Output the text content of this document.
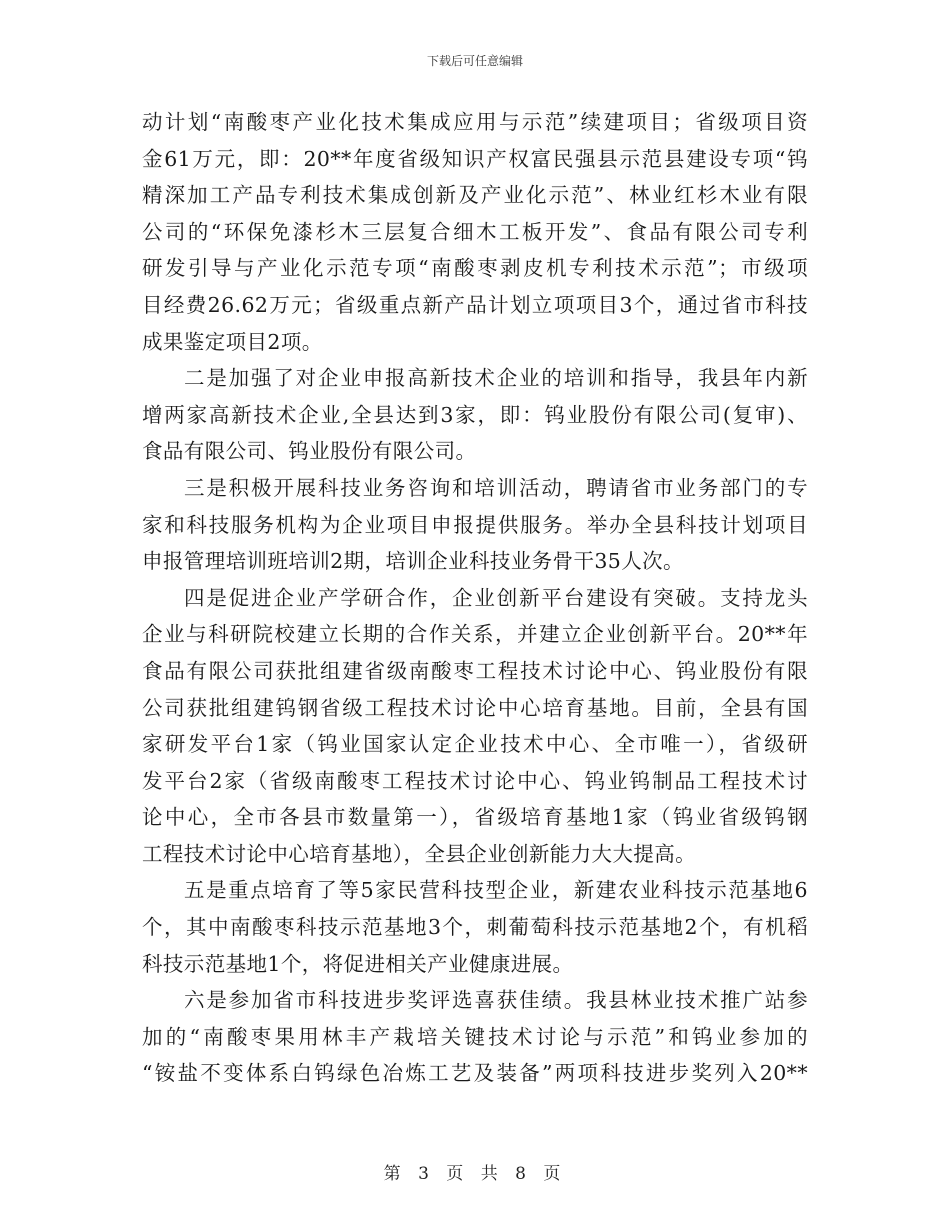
下载后可任意编辑

动计划“南酸枣产业化技术集成应用与示范”续建项目；省级项目资
金61万元，即：20**年度省级知识产权富民强县示范县建设专项“钨
精深加工产品专利技术集成创新及产业化示范”、林业红杉木业有限
公司的“环保免漆杉木三层复合细木工板开发”、食品有限公司专利
研发引导与产业化示范专项“南酸枣剥皮机专利技术示范”；市级项
目经费26.62万元；省级重点新产品计划立项项目3个，通过省市科技
成果鉴定项目2项。

二是加强了对企业申报高新技术企业的培训和指导，我县年内新
增两家高新技术企业,全县达到3家，即：钨业股份有限公司(复审)、
食品有限公司、钨业股份有限公司。

三是积极开展科技业务咨询和培训活动，聘请省市业务部门的专
家和科技服务机构为企业项目申报提供服务。举办全县科技计划项目
申报管理培训班培训2期，培训企业科技业务骨干35人次。

四是促进企业产学研合作，企业创新平台建设有突破。支持龙头
企业与科研院校建立长期的合作关系，并建立企业创新平台。20**年
食品有限公司获批组建省级南酸枣工程技术讨论中心、钨业股份有限
公司获批组建钨钢省级工程技术讨论中心培育基地。目前，全县有国
家研发平台1家（钨业国家认定企业技术中心、全市唯一），省级研
发平台2家（省级南酸枣工程技术讨论中心、钨业钨制品工程技术讨
论中心，全市各县市数量第一），省级培育基地1家（钨业省级钨钢
工程技术讨论中心培育基地），全县企业创新能力大大提高。

五是重点培育了等5家民营科技型企业，新建农业科技示范基地6
个，其中南酸枣科技示范基地3个，刺葡萄科技示范基地2个，有机稻
科技示范基地1个，将促进相关产业健康进展。

六是参加省市科技进步奖评选喜获佳绩。我县林业技术推广站参
加的“南酸枣果用林丰产栽培关键技术讨论与示范”和钨业参加的
“铵盐不变体系白钨绿色冶炼工艺及装备”两项科技进步奖列入20**

第 3 页 共 8 页
